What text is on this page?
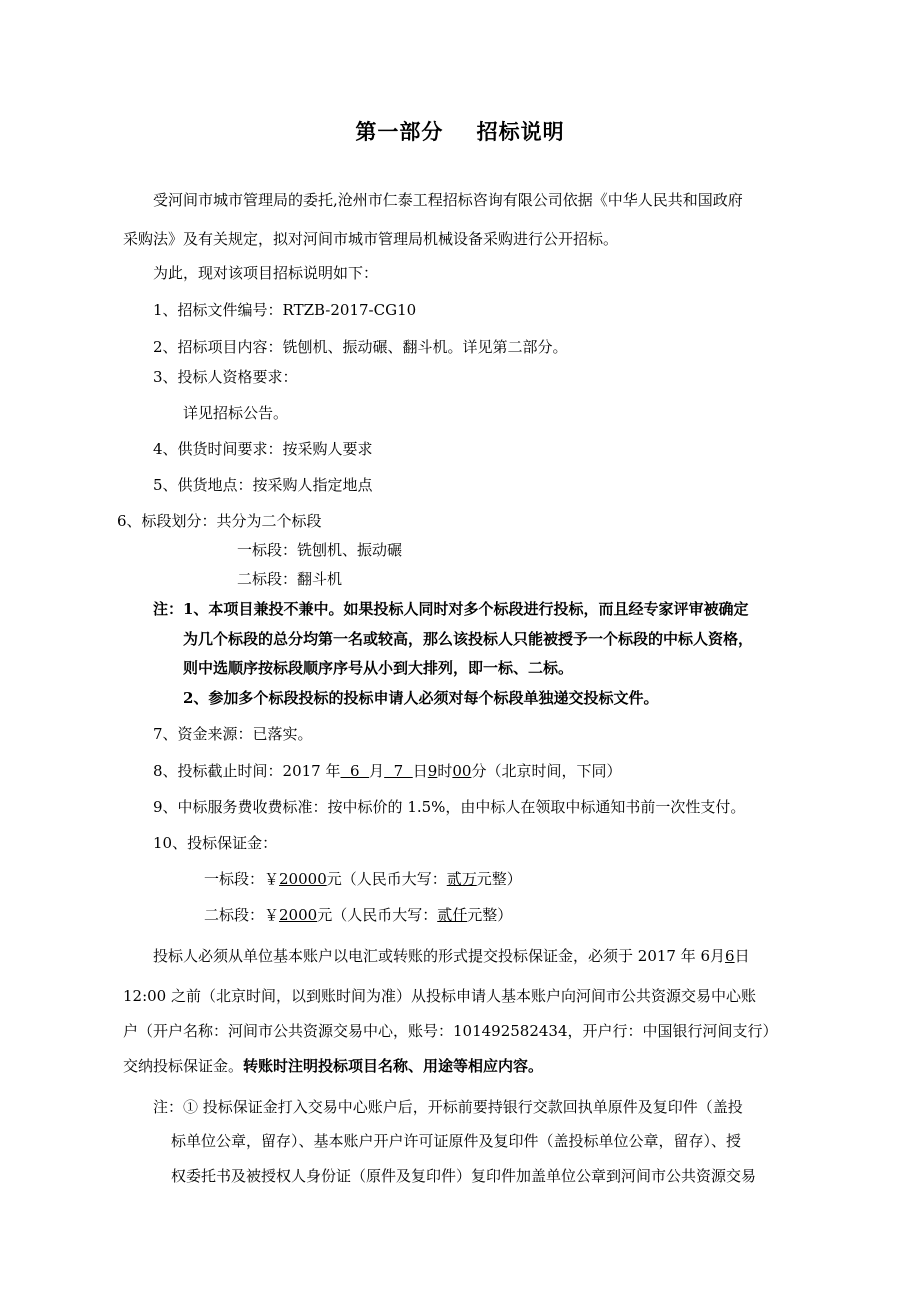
第一部分    招标说明
受河间市城市管理局的委托,沧州市仁泰工程招标咨询有限公司依据《中华人民共和国政府
采购法》及有关规定，拟对河间市城市管理局机械设备采购进行公开招标。
为此，现对该项目招标说明如下：
1、招标文件编号：RTZB-2017-CG10
2、招标项目内容：铣刨机、振动碾、翻斗机。详见第二部分。
3、投标人资格要求：
详见招标公告。
4、供货时间要求：按采购人要求
5、供货地点：按采购人指定地点
6、标段划分：共分为二个标段
一标段：铣刨机、振动碾
二标段：翻斗机
注：1、本项目兼投不兼中。如果投标人同时对多个标段进行投标，而且经专家评审被确定
为几个标段的总分均第一名或较高，那么该投标人只能被授予一个标段的中标人资格，
则中选顺序按标段顺序序号从小到大排列，即一标、二标。
2、参加多个标段投标的投标申请人必须对每个标段单独递交投标文件。
7、资金来源：已落实。
8、投标截止时间：2017 年  6  月  7  日9时00分（北京时间，下同）
9、中标服务费收费标准：按中标价的 1.5%，由中标人在领取中标通知书前一次性支付。
10、投标保证金：
一标段：￥20000元（人民币大写：贰万元整）
二标段：￥2000元（人民币大写：贰仟元整）
投标人必须从单位基本账户以电汇或转账的形式提交投标保证金，必须于 2017 年 6月6日
12:00 之前（北京时间，以到账时间为准）从投标申请人基本账户向河间市公共资源交易中心账
户（开户名称：河间市公共资源交易中心，账号：101492582434，开户行：中国银行河间支行）
交纳投标保证金。转账时注明投标项目名称、用途等相应内容。
注：① 投标保证金打入交易中心账户后，开标前要持银行交款回执单原件及复印件（盖投
标单位公章，留存）、基本账户开户许可证原件及复印件（盖投标单位公章，留存）、授
权委托书及被授权人身份证（原件及复印件）复印件加盖单位公章到河间市公共资源交易
